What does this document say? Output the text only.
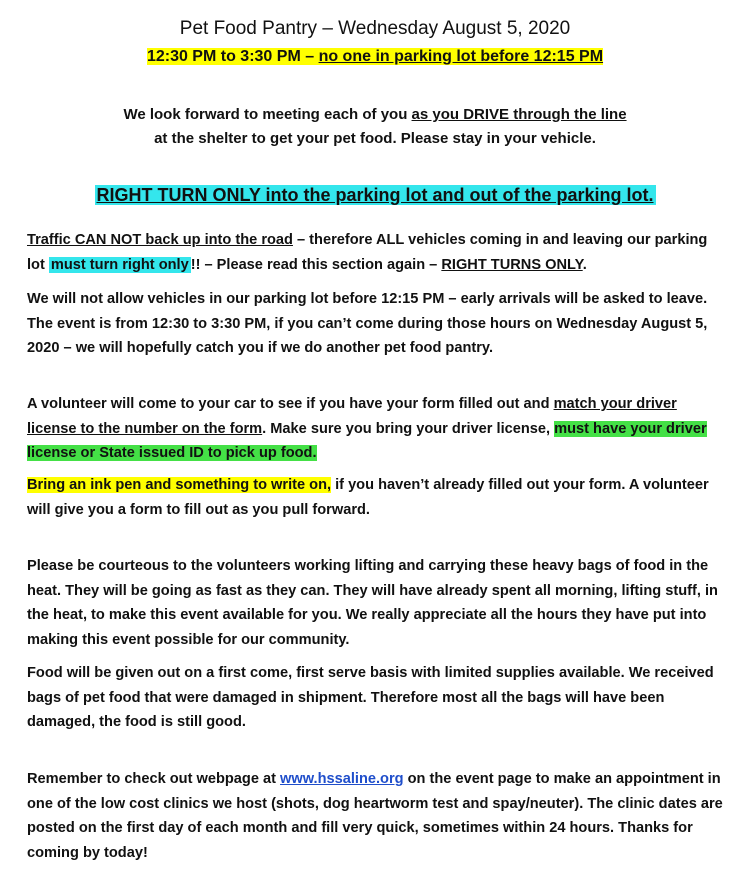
Pet Food Pantry – Wednesday August 5, 2020
12:30 PM to 3:30 PM – no one in parking lot before 12:15 PM
We look forward to meeting each of you as you DRIVE through the line
at the shelter to get your pet food. Please stay in your vehicle.
RIGHT TURN ONLY into the parking lot and out of the parking lot.

Traffic CAN NOT back up into the road – therefore ALL vehicles coming in and leaving our parking lot must turn right only !! – Please read this section again – RIGHT TURNS ONLY.

We will not allow vehicles in our parking lot before 12:15 PM – early arrivals will be asked to leave. The event is from 12:30 to 3:30 PM, if you can’t come during those hours on Wednesday August 5, 2020 – we will hopefully catch you if we do another pet food pantry.

A volunteer will come to your car to see if you have your form filled out and match your driver license to the number on the form. Make sure you bring your driver license, must have your driver license or State issued ID to pick up food.

Bring an ink pen and something to write on, if you haven’t already filled out your form. A volunteer will give you a form to fill out as you pull forward.

Please be courteous to the volunteers working lifting and carrying these heavy bags of food in the heat. They will be going as fast as they can. They will have already spent all morning, lifting stuff, in the heat, to make this event available for you. We really appreciate all the hours they have put into making this event possible for our community.

Food will be given out on a first come, first serve basis with limited supplies available. We received bags of pet food that were damaged in shipment. Therefore most all the bags will have been damaged, the food is still good.

Remember to check out webpage at www.hssaline.org on the event page to make an appointment in one of the low cost clinics we host (shots, dog heartworm test and spay/neuter). The clinic dates are posted on the first day of each month and fill very quick, sometimes within 24 hours. Thanks for coming by today!
